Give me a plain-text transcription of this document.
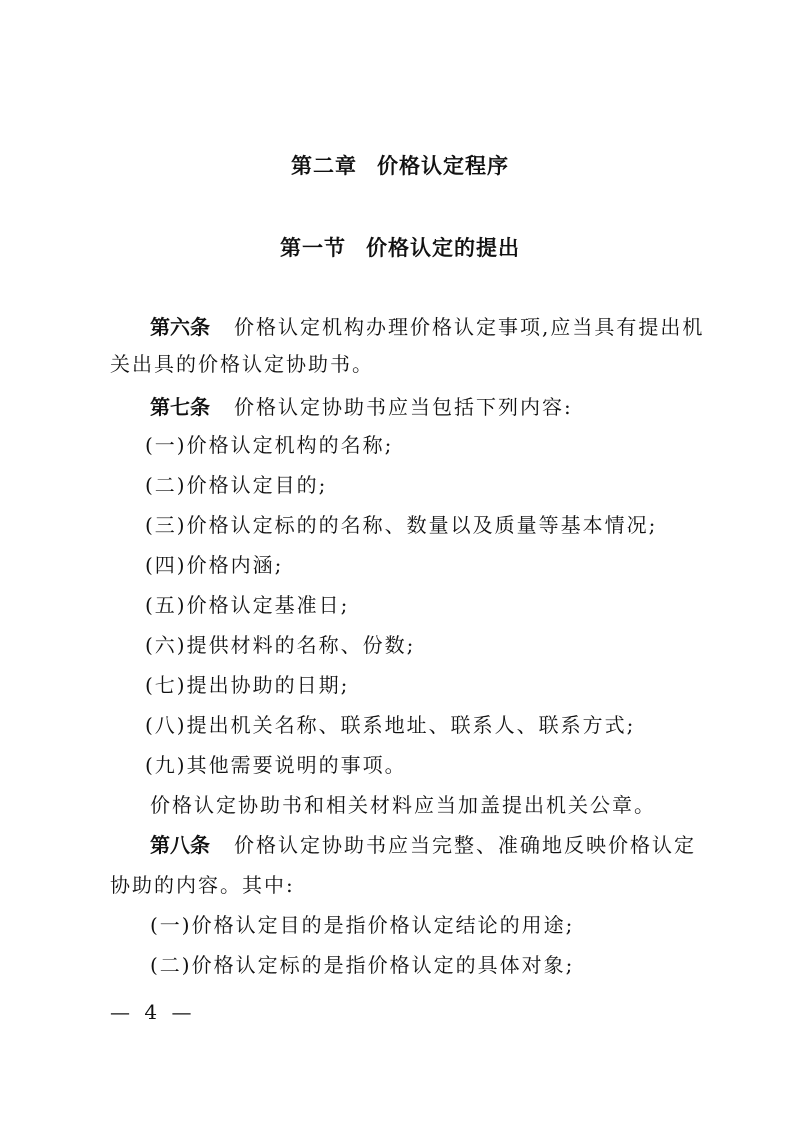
第二章 价格认定程序
第一节 价格认定的提出
第六条 价格认定机构办理价格认定事项,应当具有提出机
关出具的价格认定协助书。
第七条 价格认定协助书应当包括下列内容:
(一)价格认定机构的名称;
(二)价格认定目的;
(三)价格认定标的的名称、数量以及质量等基本情况;
(四)价格内涵;
(五)价格认定基准日;
(六)提供材料的名称、份数;
(七)提出协助的日期;
(八)提出机关名称、联系地址、联系人、联系方式;
(九)其他需要说明的事项。
价格认定协助书和相关材料应当加盖提出机关公章。
第八条 价格认定协助书应当完整、准确地反映价格认定
协助的内容。其中:
(一)价格认定目的是指价格认定结论的用途;
(二)价格认定标的是指价格认定的具体对象;
— 4 —
